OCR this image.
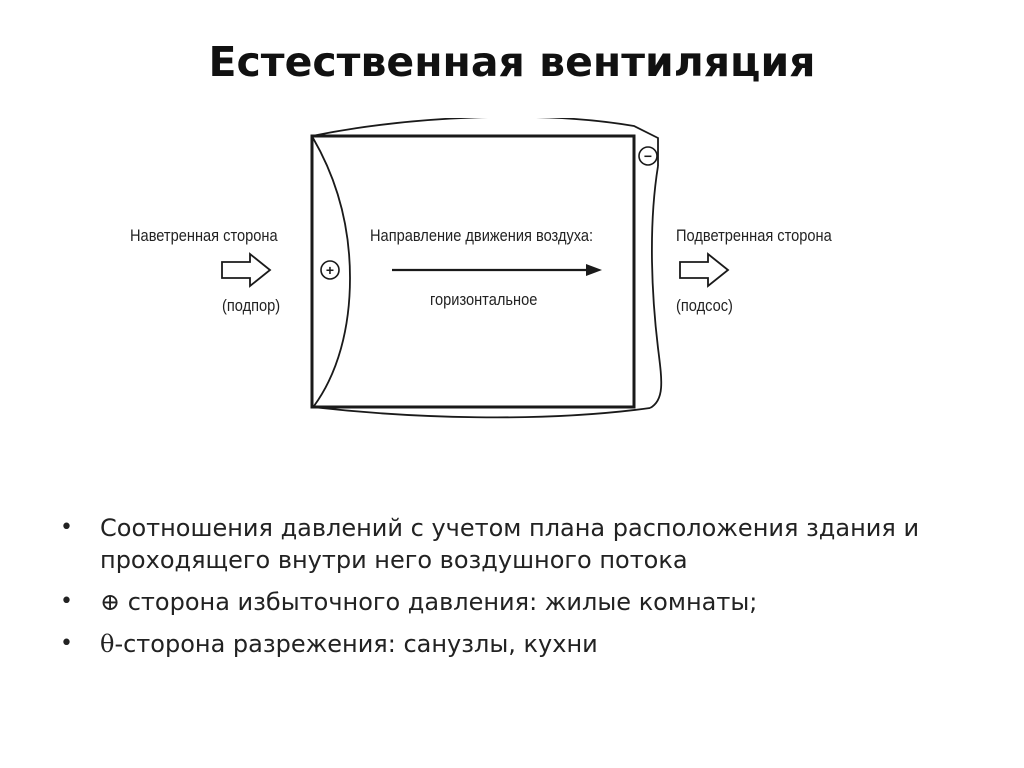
Естественная вентиляция
+
−
Наветренная сторона
(подпор)
Направление движения воздуха:
горизонтальное
Подветренная сторона
(подсос)
• Соотношения давлений с учетом плана расположения здания и проходящего внутри него воздушного потока
• ⊕ сторона избыточного давления: жилые комнаты;
• θ-сторона разрежения: санузлы, кухни
